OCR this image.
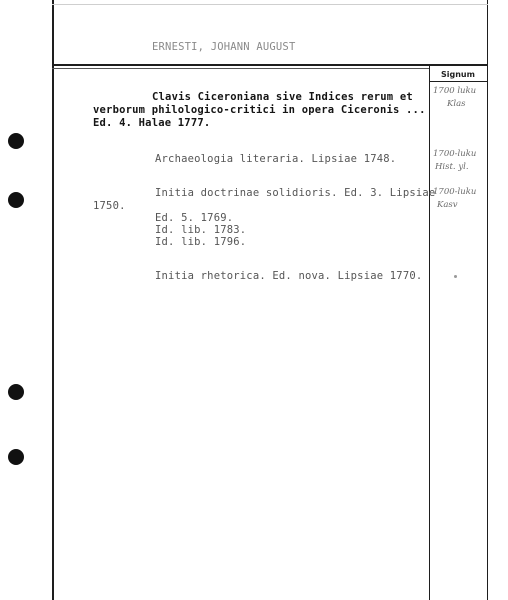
ERNESTI, JOHANN AUGUST
Signum
Clavis Ciceroniana sive Indices rerum et
verborum philologico-critici in opera Ciceronis ...
Ed. 4. Halae 1777.
Archaeologia literaria. Lipsiae 1748.
Initia doctrinae solidioris. Ed. 3. Lipsiae
1750.
Ed. 5. 1769.
Id. lib. 1783.
Id. lib. 1796.
Initia rhetorica. Ed. nova. Lipsiae 1770.
1700 luku
Klas
1700-luku
Hist. yl.
1700-luku
Kasv
